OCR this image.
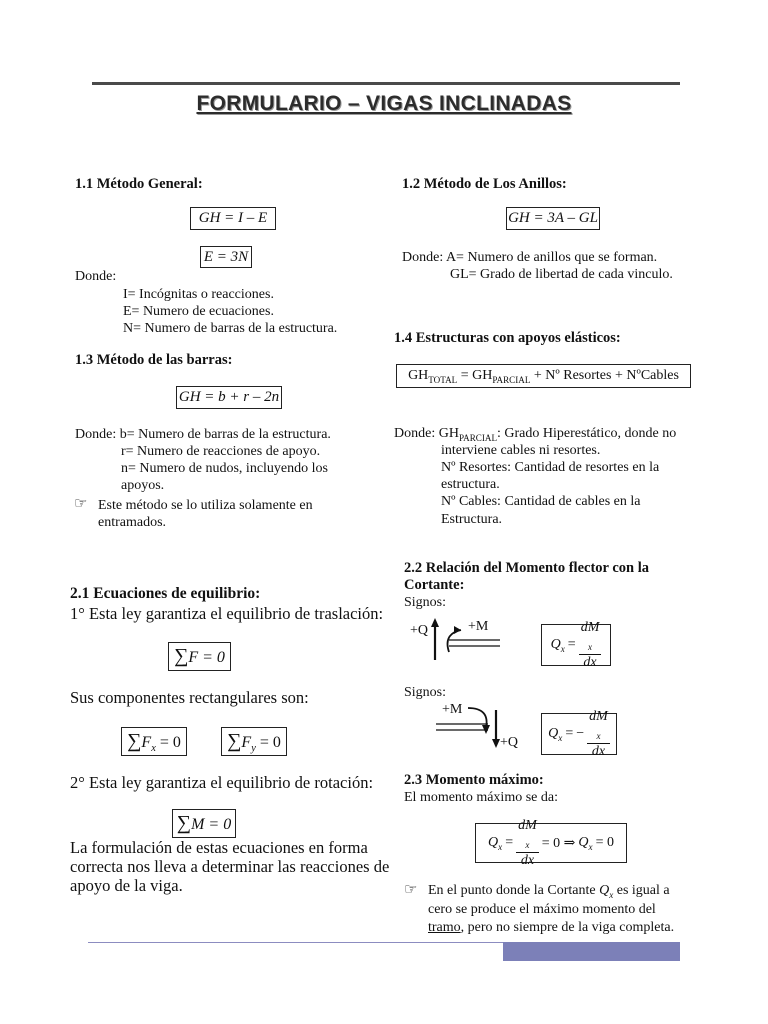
FORMULARIO – VIGAS INCLINADAS
1.1 Método General:
GH = I – E
E = 3N
Donde:
I= Incógnitas o reacciones.
E= Numero de ecuaciones.
N= Numero de barras de la estructura.
1.3 Método de las barras:
GH = b + r – 2n
Donde: b= Numero de barras de la estructura.
r= Numero de reacciones de apoyo.
n= Numero de nudos, incluyendo los
apoyos.
☞ Este método se lo utiliza solamente en
entramados.
2.1 Ecuaciones de equilibrio:
1° Esta ley garantiza el equilibrio de traslación:
∑F = 0
Sus componentes rectangulares son:
$\sum F_x = 0$	$\sum F_y = 0$
2° Esta ley garantiza el equilibrio de rotación:
∑M = 0
La formulación de estas ecuaciones en forma
correcta nos lleva a determinar las reacciones de
apoyo de la viga.
1.2 Método de Los Anillos:
GH = 3A – GL
Donde: A= Numero de anillos que se forman.
GL= Grado de libertad de cada vinculo.
1.4 Estructuras con apoyos elásticos:
$GH_{TOTAL} = GH_{PARCIAL}$ + Nº Resortes + NºCables
Donde: $GH_{PARCIAL}$: Grado Hiperestático, donde no
interviene cables ni resortes.
Nº Resortes: Cantidad de resortes en la
estructura.
Nº Cables: Cantidad de cables en la
Estructura.
2.2 Relación del Momento flector con la
Cortante:
Signos:
+Q	+M
$Q_x$ = dM
$_x$
dx
Signos:
+M
+Q
$Q_x$ = − dM
$_x$
dx
2.3 Momento máximo:
El momento máximo se da:
$Q_x$ = dM
$_x$
dx = 0 ⇒ $Q_x = 0$
☞ En el punto donde la Cortante $Q_x$ es igual a
cero se produce el máximo momento del
tramo, pero no siempre de la viga completa.
